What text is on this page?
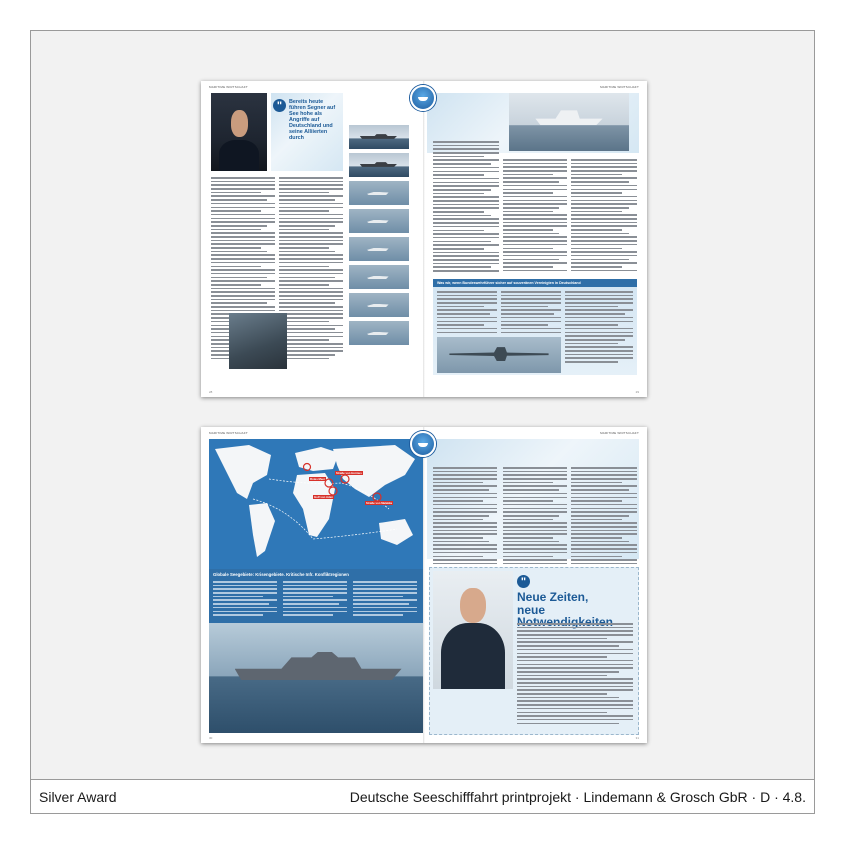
MARITIME WIRTSCHAFT	MARITIME WIRTSCHAFT
28	29
"	Bereits heute führen Segner auf See hohe als Angriffe auf Deutschland und seine Alliierten durch
Was wir, wenn Bundeswehrführer sicher auf souveränen Vereinigten in Deutschland
MARITIME WIRTSCHAFT	MARITIME WIRTSCHAFT
30	31
Rotes Meer
Straße von Hormus
Golf von Aden
Straße von Malakka
Globale Seegebiete: Krisengebiete. Kritische Infr. Konfliktregionen
"
Neue Zeiten,
neue
Silver Award	Deutsche Seeschifffahrt printprojekt · Lindemann & Grosch GbR · D · 4.8.
